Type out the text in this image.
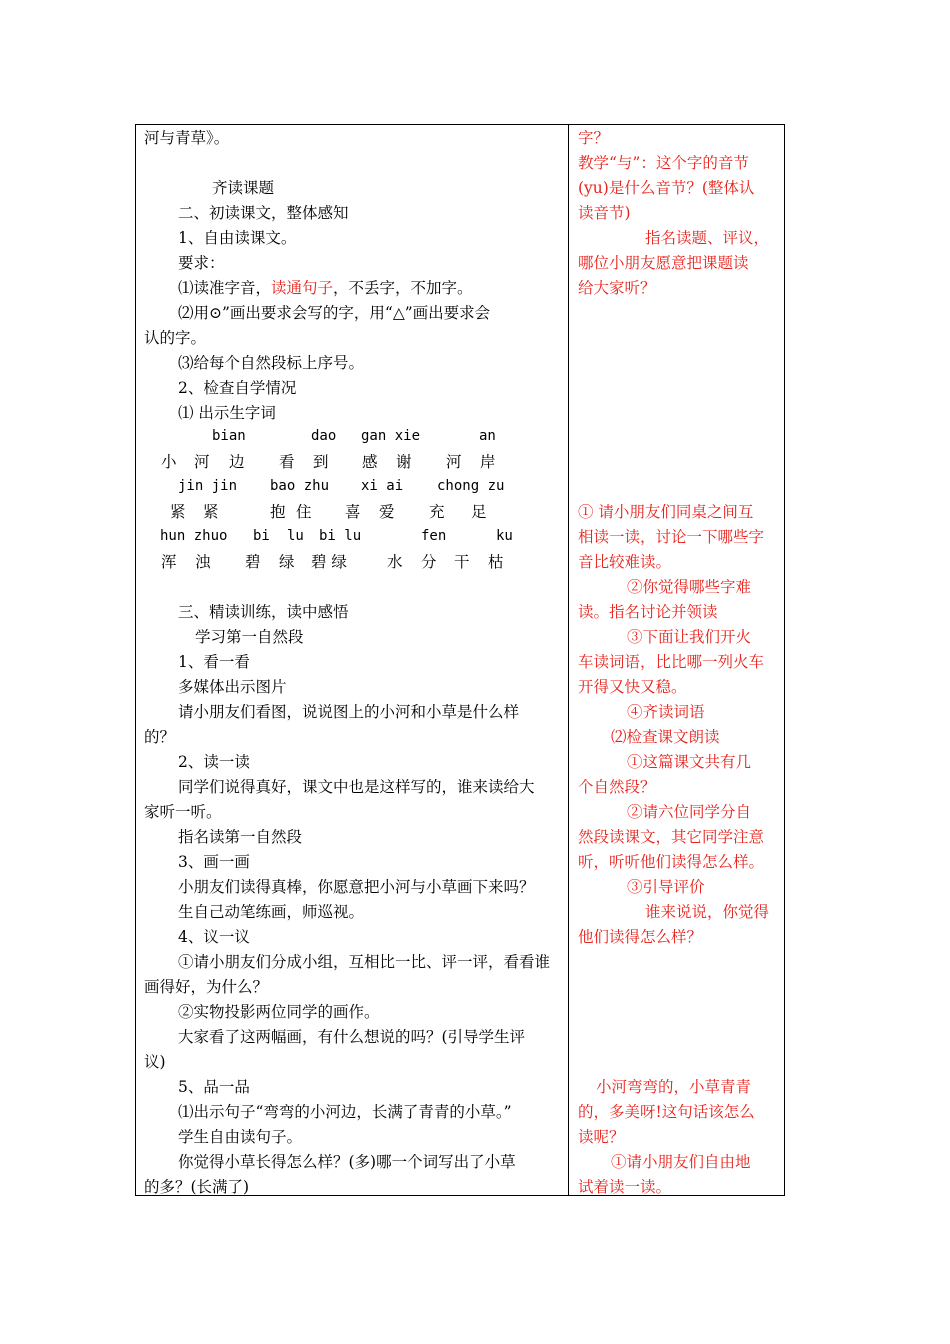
河与青草》。
齐读课题
二、初读课文，整体感知
1、自由读课文。
要求：
⑴读准字音，读通句子，不丢字，不加字。
⑵用⊙”画出要求会写的字，用“△”画出要求会
认的字。
⑶给每个自然段标上序号。
2、检查自学情况
⑴ 出示生字词
bian	dao gan xie	an
小 河 边 看 到 感 谢 河 岸
jin jin bao zhu xi ai chong zu
紧 紧	抱 住 喜 爱 充 足
hun zhuo bi lu bi lu	fen	ku
浑 浊 碧 绿 碧 绿	水 分 干 枯
三、精读训练，读中感悟
学习第一自然段
1、看一看
多媒体出示图片
请小朋友们看图，说说图上的小河和小草是什么样
的？
2、读一读
同学们说得真好，课文中也是这样写的，谁来读给大
家听一听。
指名读第一自然段
3、画一画
小朋友们读得真棒，你愿意把小河与小草画下来吗？
生自己动笔练画，师巡视。
4、议一议
①请小朋友们分成小组，互相比一比、评一评，看看谁
画得好，为什么？
②实物投影两位同学的画作。
大家看了这两幅画，有什么想说的吗？(引导学生评
议)
5、品一品
⑴出示句子“弯弯的小河边，长满了青青的小草。”
学生自由读句子。
你觉得小草长得怎么样？(多)哪一个词写出了小草
的多？(长满了)
字？
教学“与”：这个字的音节
(yu)是什么音节？(整体认
读音节)
指名读题、评议，
哪位小朋友愿意把课题读
给大家听？
① 请小朋友们同桌之间互
相读一读，讨论一下哪些字
音比较难读。
②你觉得哪些字难
读。指名讨论并领读
③下面让我们开火
车读词语，比比哪一列火车
开得又快又稳。
④齐读词语
⑵检查课文朗读
①这篇课文共有几
个自然段？
②请六位同学分自
然段读课文，其它同学注意
听，听听他们读得怎么样。
③引导评价
谁来说说，你觉得
他们读得怎么样？
小河弯弯的，小草青青
的，多美呀!这句话该怎么
读呢？
①请小朋友们自由地
试着读一读。
